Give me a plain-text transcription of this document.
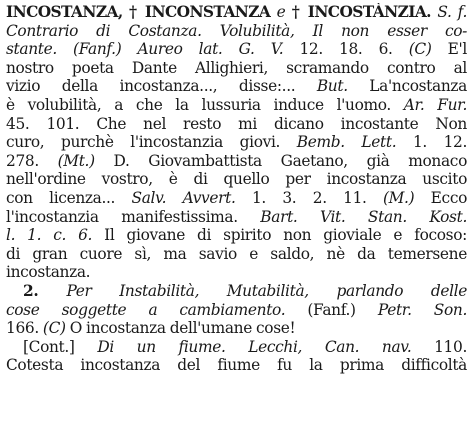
INCOSTANZA, † INCONSTANZA e † INCOSTÀNZIA. S. f.
Contrario di Costanza. Volubilità, Il non esser co-
stante. (Fanf.) Aureo lat. G. V. 12. 18. 6. (C) E'l
nostro poeta Dante Allighieri, scramando contro al
vizio della incostanza..., disse:... But. La'ncostanza
è volubilità, a che la lussuria induce l'uomo. Ar. Fur.
45. 101. Che nel resto mi dicano incostante Non
curo, purchè l'incostanzia giovi. Bemb. Lett. 1. 12.
278. (Mt.) D. Giovambattista Gaetano, già monaco
nell'ordine vostro, è di quello per incostanza uscito
con licenza... Salv. Avvert. 1. 3. 2. 11. (M.) Ecco
l'incostanzia manifestissima. Bart. Vit. Stan. Kost.
l. 1. c. 6. Il giovane di spirito non gioviale e focoso:
di gran cuore sì, ma savio e saldo, nè da temersene
incostanza.
2. Per Instabilità, Mutabilità, parlando delle
cose soggette a cambiamento. (Fanf.) Petr. Son.
166. (C) O incostanza dell'umane cose!
[Cont.] Di un fiume. Lecchi, Can. nav. 110.
Cotesta incostanza del fiume fu la prima difficoltà
